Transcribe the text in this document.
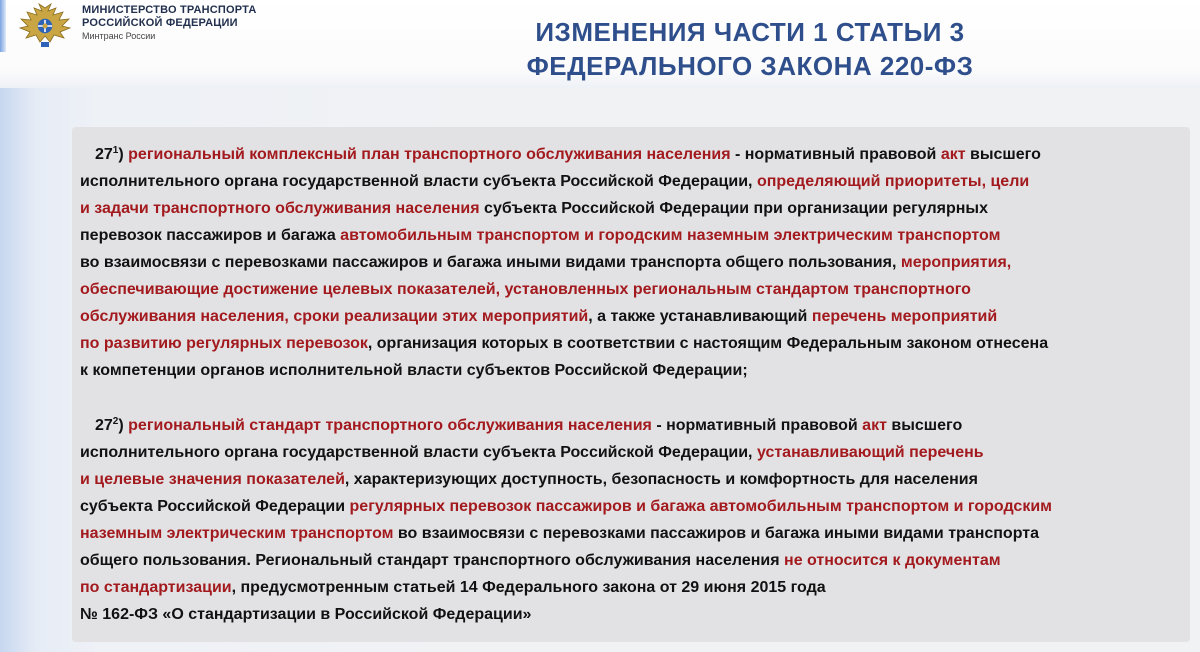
МИНИСТЕРСТВО ТРАНСПОРТА
РОССИЙСКОЙ ФЕДЕРАЦИИ
Минтранс России	ИЗМЕНЕНИЯ ЧАСТИ 1 СТАТЬИ 3
ФЕДЕРАЛЬНОГО ЗАКОНА 220-ФЗ
$27^1$) региональный комплексный план транспортного обслуживания населения - нормативный правовой акт высшего
исполнительного органа государственной власти субъекта Российской Федерации, определяющий приоритеты, цели
и задачи транспортного обслуживания населения субъекта Российской Федерации при организации регулярных
перевозок пассажиров и багажа автомобильным транспортом и городским наземным электрическим транспортом
во взаимосвязи с перевозками пассажиров и багажа иными видами транспорта общего пользования, мероприятия,
обеспечивающие достижение целевых показателей, установленных региональным стандартом транспортного
обслуживания населения, сроки реализации этих мероприятий, а также устанавливающий перечень мероприятий
по развитию регулярных перевозок, организация которых в соответствии с настоящим Федеральным законом отнесена
к компетенции органов исполнительной власти субъектов Российской Федерации;
$27^2$) региональный стандарт транспортного обслуживания населения - нормативный правовой акт высшего
исполнительного органа государственной власти субъекта Российской Федерации, устанавливающий перечень
и целевые значения показателей, характеризующих доступность, безопасность и комфортность для населения
субъекта Российской Федерации регулярных перевозок пассажиров и багажа автомобильным транспортом и городским
наземным электрическим транспортом во взаимосвязи с перевозками пассажиров и багажа иными видами транспорта
общего пользования. Региональный стандарт транспортного обслуживания населения не относится к документам
по стандартизации, предусмотренным статьей 14 Федерального закона от 29 июня 2015 года
№ 162-ФЗ «О стандартизации в Российской Федерации»
